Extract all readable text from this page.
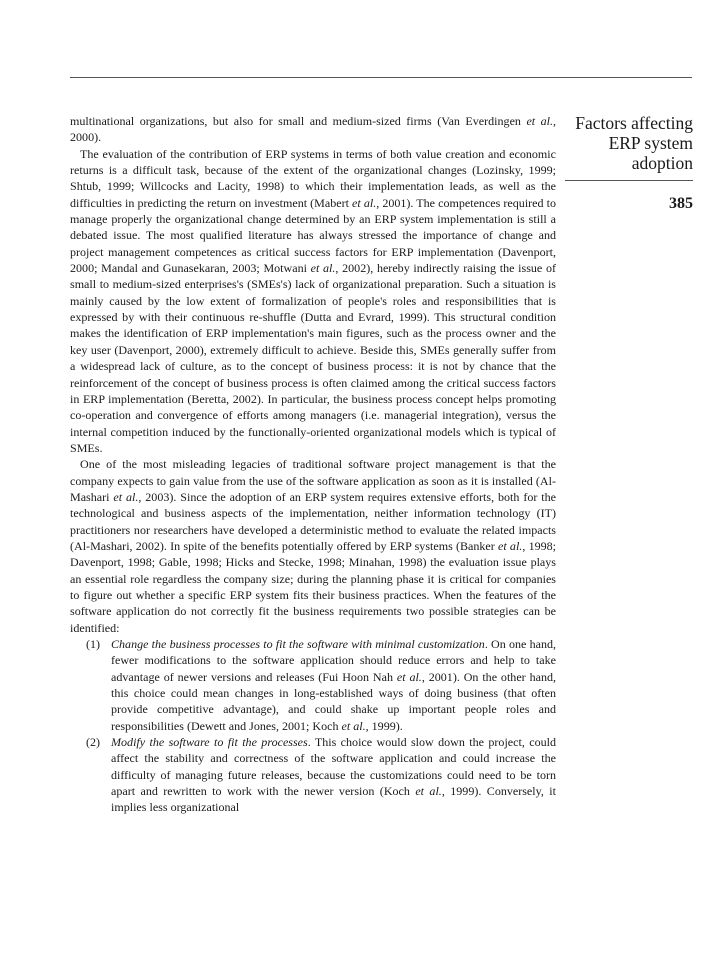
Factors affecting
ERP system
adoption

385

multinational organizations, but also for small and medium-sized firms (Van Everdingen et al., 2000).

The evaluation of the contribution of ERP systems in terms of both value creation and economic returns is a difficult task, because of the extent of the organizational changes (Lozinsky, 1999; Shtub, 1999; Willcocks and Lacity, 1998) to which their implementation leads, as well as the difficulties in predicting the return on investment (Mabert et al., 2001). The competences required to manage properly the organizational change determined by an ERP system implementation is still a debated issue. The most qualified literature has always stressed the importance of change and project management competences as critical success factors for ERP implementation (Davenport, 2000; Mandal and Gunasekaran, 2003; Motwani et al., 2002), hereby indirectly raising the issue of small to medium-sized enterprises's (SMEs's) lack of organizational preparation. Such a situation is mainly caused by the low extent of formalization of people's roles and responsibilities that is expressed by with their continuous re-shuffle (Dutta and Evrard, 1999). This structural condition makes the identification of ERP implementation's main figures, such as the process owner and the key user (Davenport, 2000), extremely difficult to achieve. Beside this, SMEs generally suffer from a widespread lack of culture, as to the concept of business process: it is not by chance that the reinforcement of the concept of business process is often claimed among the critical success factors in ERP implementation (Beretta, 2002). In particular, the business process concept helps promoting co-operation and convergence of efforts among managers (i.e. managerial integration), versus the internal competition induced by the functionally-oriented organizational models which is typical of SMEs.

One of the most misleading legacies of traditional software project management is that the company expects to gain value from the use of the software application as soon as it is installed (Al-Mashari et al., 2003). Since the adoption of an ERP system requires extensive efforts, both for the technological and business aspects of the implementation, neither information technology (IT) practitioners nor researchers have developed a deterministic method to evaluate the related impacts (Al-Mashari, 2002). In spite of the benefits potentially offered by ERP systems (Banker et al., 1998; Davenport, 1998; Gable, 1998; Hicks and Stecke, 1998; Minahan, 1998) the evaluation issue plays an essential role regardless the company size; during the planning phase it is critical for companies to figure out whether a specific ERP system fits their business practices. When the features of the software application do not correctly fit the business requirements two possible strategies can be identified:

(1) Change the business processes to fit the software with minimal customization. On one hand, fewer modifications to the software application should reduce errors and help to take advantage of newer versions and releases (Fui Hoon Nah et al., 2001). On the other hand, this choice could mean changes in long-established ways of doing business (that often provide competitive advantage), and could shake up important people roles and responsibilities (Dewett and Jones, 2001; Koch et al., 1999).
(2) Modify the software to fit the processes. This choice would slow down the project, could affect the stability and correctness of the software application and could increase the difficulty of managing future releases, because the customizations could need to be torn apart and rewritten to work with the newer version (Koch et al., 1999). Conversely, it implies less organizational
